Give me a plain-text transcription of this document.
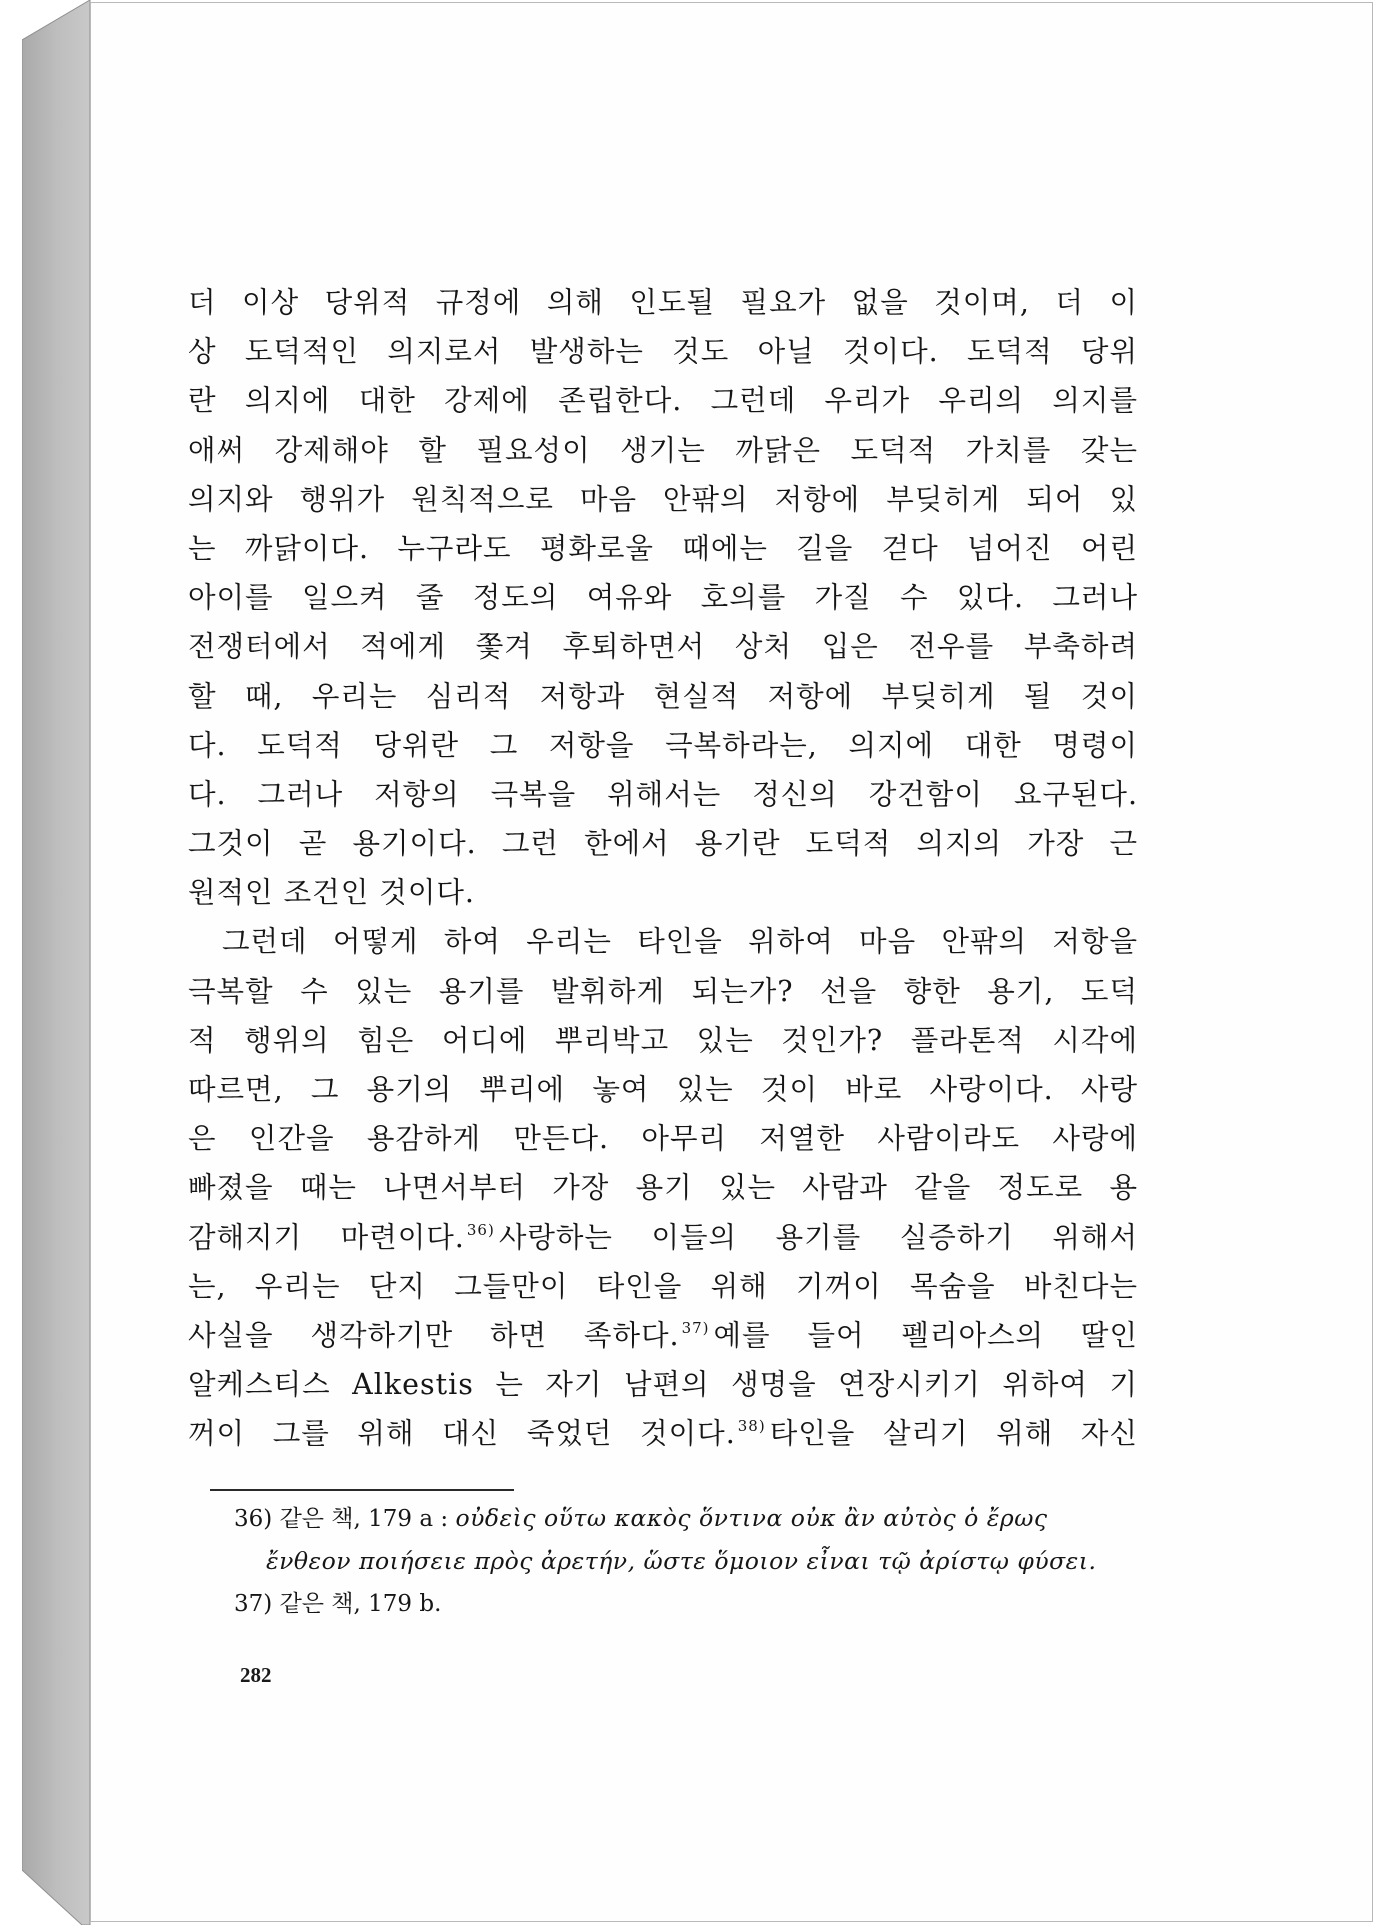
더 이상 당위적 규정에 의해 인도될 필요가 없을 것이며, 더 이
상 도덕적인 의지로서 발생하는 것도 아닐 것이다. 도덕적 당위
란 의지에 대한 강제에 존립한다. 그런데 우리가 우리의 의지를
애써 강제해야 할 필요성이 생기는 까닭은 도덕적 가치를 갖는
의지와 행위가 원칙적으로 마음 안팎의 저항에 부딪히게 되어 있
는 까닭이다. 누구라도 평화로울 때에는 길을 걷다 넘어진 어린
아이를 일으켜 줄 정도의 여유와 호의를 가질 수 있다. 그러나
전쟁터에서 적에게 쫓겨 후퇴하면서 상처 입은 전우를 부축하려
할 때, 우리는 심리적 저항과 현실적 저항에 부딪히게 될 것이
다. 도덕적 당위란 그 저항을 극복하라는, 의지에 대한 명령이
다. 그러나 저항의 극복을 위해서는 정신의 강건함이 요구된다.
그것이 곧 용기이다. 그런 한에서 용기란 도덕적 의지의 가장 근
원적인 조건인 것이다.
그런데 어떻게 하여 우리는 타인을 위하여 마음 안팎의 저항을
극복할 수 있는 용기를 발휘하게 되는가? 선을 향한 용기, 도덕
적 행위의 힘은 어디에 뿌리박고 있는 것인가? 플라톤적 시각에
따르면, 그 용기의 뿌리에 놓여 있는 것이 바로 사랑이다. 사랑
은 인간을 용감하게 만든다. 아무리 저열한 사람이라도 사랑에
빠졌을 때는 나면서부터 가장 용기 있는 사람과 같을 정도로 용
감해지기 마련이다. $^{36)}$ 사랑하는 이들의 용기를 실증하기 위해서
는, 우리는 단지 그들만이 타인을 위해 기꺼이 목숨을 바친다는
사실을 생각하기만 하면 족하다. $^{37)}$ 예를 들어 펠리아스의 딸인
알케스티스 Alkestis 는 자기 남편의 생명을 연장시키기 위하여 기
꺼이 그를 위해 대신 죽었던 것이다. $^{38)}$ 타인을 살리기 위해 자신
36) 같은 책, 179 a : οὐδεὶς οὕτω κακὸς ὅντινα οὐκ ἂν αὐτὸς ὁ ἔρως
ἔνθεον ποιήσειε πρὸς ἀρετήν, ὥστε ὅμοιον εἶναι τῷ ἀρίστῳ φύσει.
37) 같은 책, 179 b.
282
